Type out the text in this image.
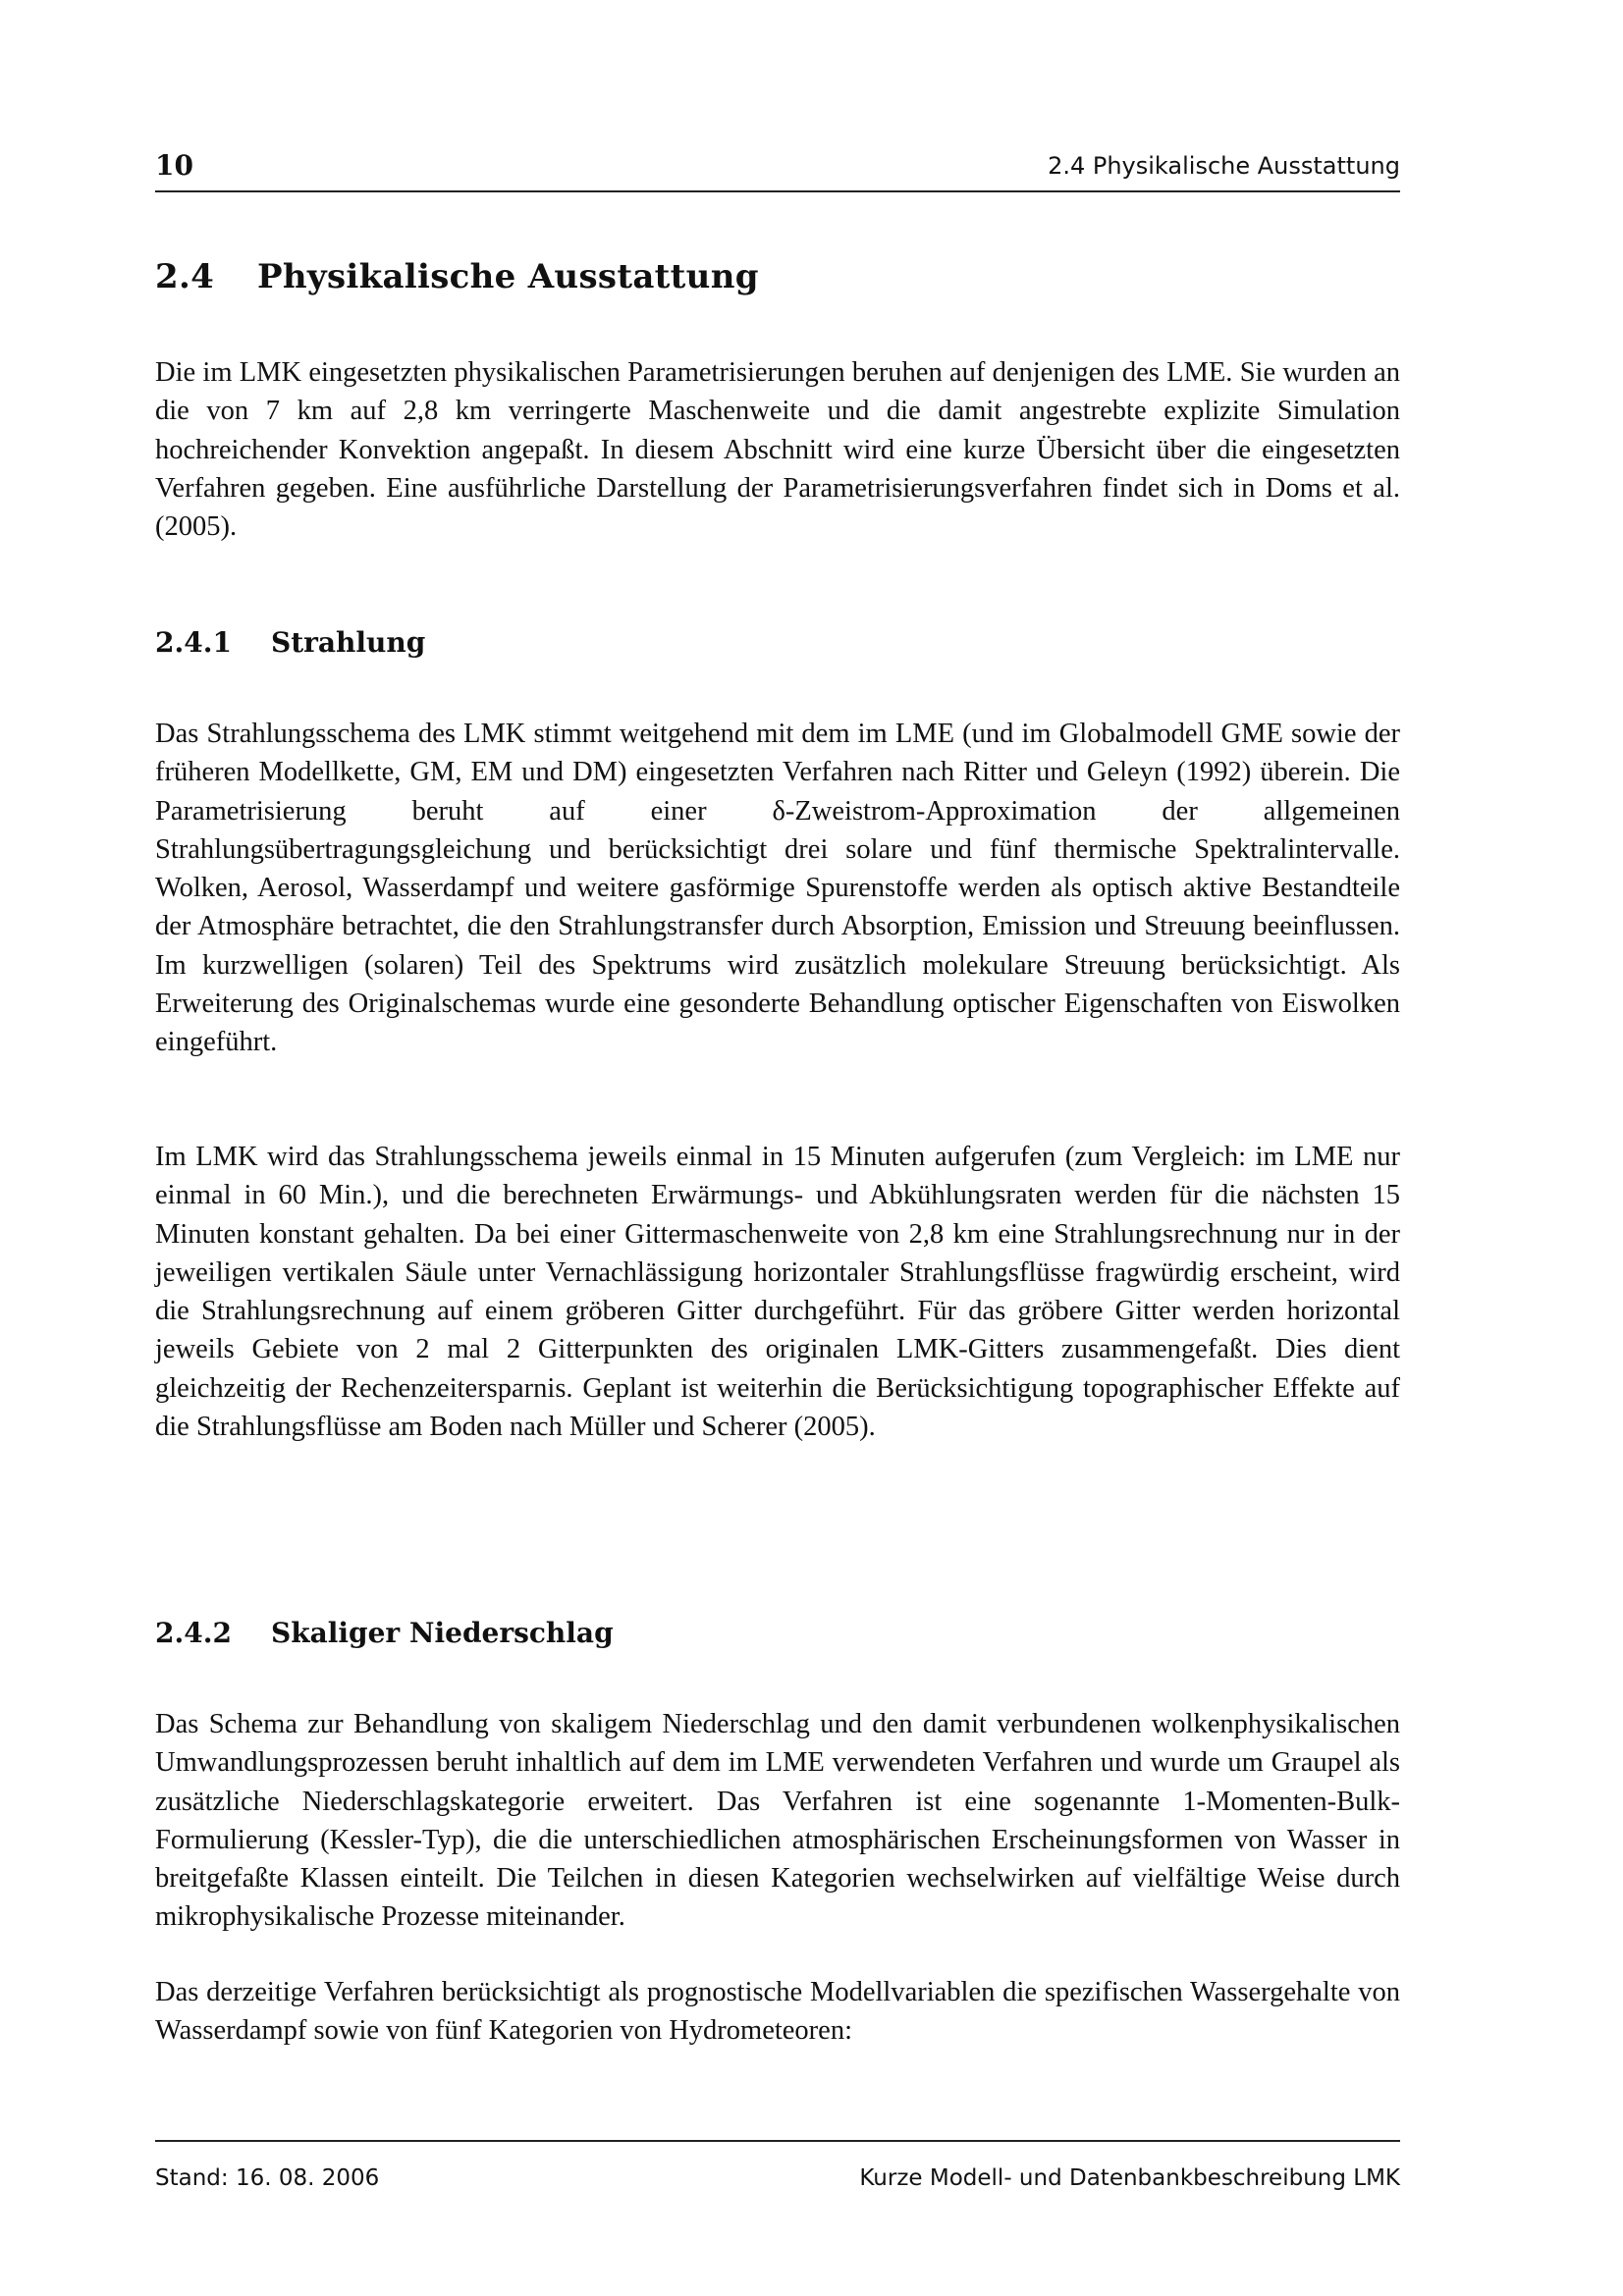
10	2.4 Physikalische Ausstattung
2.4 Physikalische Ausstattung

Die im LMK eingesetzten physikalischen Parametrisierungen beruhen auf denjenigen des LME. Sie wurden an die von 7 km auf 2,8 km verringerte Maschenweite und die damit angestrebte explizite Simulation hochreichender Konvektion angepaßt. In diesem Abschnitt wird eine kurze Übersicht über die eingesetzten Verfahren gegeben. Eine ausführliche Darstellung der Parametrisierungsverfahren findet sich in Doms et al. (2005).

2.4.1 Strahlung

Das Strahlungsschema des LMK stimmt weitgehend mit dem im LME (und im Globalmodell GME sowie der früheren Modellkette, GM, EM und DM) eingesetzten Verfahren nach Ritter und Geleyn (1992) überein. Die Parametrisierung beruht auf einer δ-Zweistrom-Approximation der allgemeinen Strahlungsübertragungsgleichung und berücksichtigt drei solare und fünf thermische Spektralintervalle. Wolken, Aerosol, Wasserdampf und weitere gasförmige Spurenstoffe werden als optisch aktive Bestandteile der Atmosphäre betrachtet, die den Strahlungstransfer durch Absorption, Emission und Streuung beeinflussen. Im kurzwelligen (solaren) Teil des Spektrums wird zusätzlich molekulare Streuung berücksichtigt. Als Erweiterung des Originalschemas wurde eine gesonderte Behandlung optischer Eigenschaften von Eiswolken eingeführt.

Im LMK wird das Strahlungsschema jeweils einmal in 15 Minuten aufgerufen (zum Vergleich: im LME nur einmal in 60 Min.), und die berechneten Erwärmungs- und Abkühlungsraten werden für die nächsten 15 Minuten konstant gehalten. Da bei einer Gittermaschenweite von 2,8 km eine Strahlungsrechnung nur in der jeweiligen vertikalen Säule unter Vernachlässigung horizontaler Strahlungsflüsse fragwürdig erscheint, wird die Strahlungsrechnung auf einem gröberen Gitter durchgeführt. Für das gröbere Gitter werden horizontal jeweils Gebiete von 2 mal 2 Gitterpunkten des originalen LMK-Gitters zusammengefaßt. Dies dient gleichzeitig der Rechenzeitersparnis. Geplant ist weiterhin die Berücksichtigung topographischer Effekte auf die Strahlungsflüsse am Boden nach Müller und Scherer (2005).

2.4.2 Skaliger Niederschlag

Das Schema zur Behandlung von skaligem Niederschlag und den damit verbundenen wolkenphysikalischen Umwandlungsprozessen beruht inhaltlich auf dem im LME verwendeten Verfahren und wurde um Graupel als zusätzliche Niederschlagskategorie erweitert. Das Verfahren ist eine sogenannte 1-Momenten-Bulk-Formulierung (Kessler-Typ), die die unterschiedlichen atmosphärischen Erscheinungsformen von Wasser in breitgefaßte Klassen einteilt. Die Teilchen in diesen Kategorien wechselwirken auf vielfältige Weise durch mikrophysikalische Prozesse miteinander.

Das derzeitige Verfahren berücksichtigt als prognostische Modellvariablen die spezifischen Wassergehalte von Wasserdampf sowie von fünf Kategorien von Hydrometeoren:

Stand: 16. 08. 2006	Kurze Modell- und Datenbankbeschreibung LMK
